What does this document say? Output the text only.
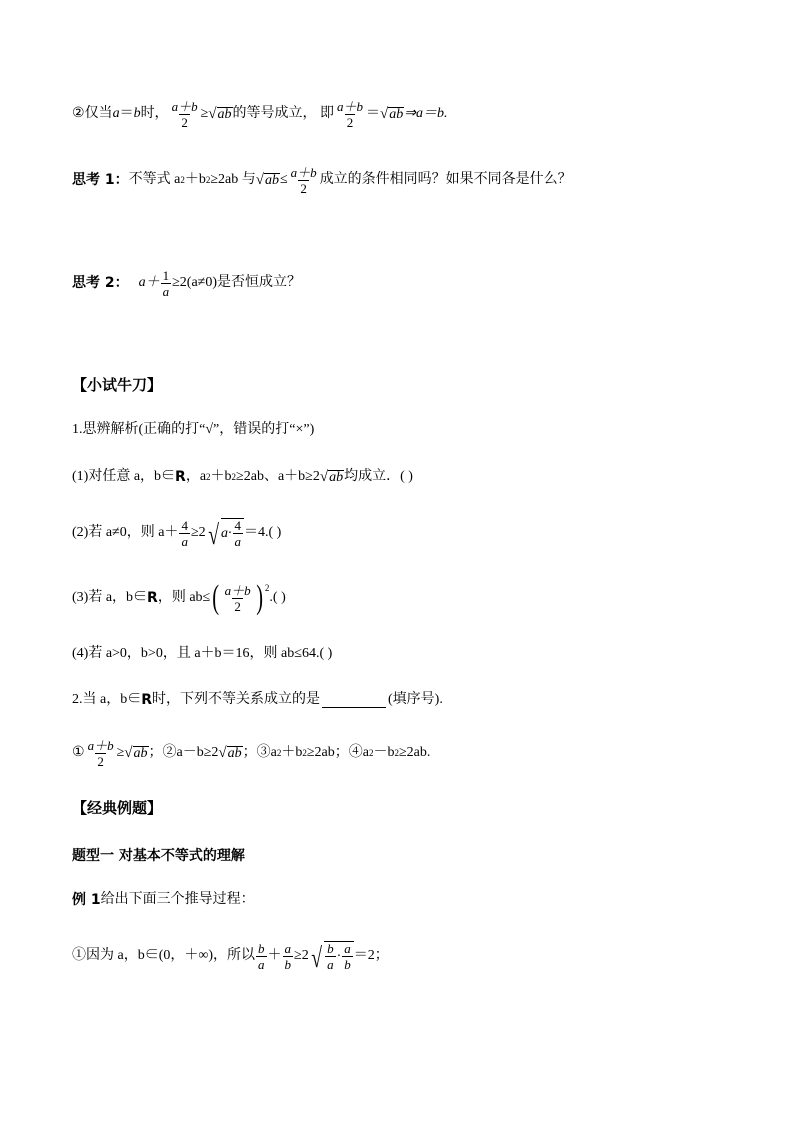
② 仅当 a ＝ b 时， $\frac{a+b}{2}$ ≥ √ ab 的等号成立， 即 $\frac{a+b}{2}$ ＝ √ ab ⇒a＝b.
思考 1： 不等式 a 2 ＋b 2 ≥2ab 与 √ ab ≤ $\frac{a+b}{2}$ 成立的条件相同吗？如果不同各是什么？
思考 2： $a+ \frac{1}{a} \ge 2(a\ne 0)$是否恒成立？
【小试牛刀】
1.思辨解析(正确的打“√”，错误的打“×”)
(1)对任意 a，b∈ R ，a 2 ＋b 2 ≥2ab、a＋b≥2 √ ab 均成立．( )
(2)若 a≠0，则 $a+ \frac{4}{a} \ge 2$ √ $a\cdot \frac{4}{a} =4$.( )
(3)若 a，b∈ R ，则 ab≤ ( $\frac{a+b}{2}$ ) $^2$
.( )
(4)若 a>0，b>0，且 a＋b＝16，则 ab≤64.( )
2.当 a，b∈ R 时，下列不等关系成立的是	(填序号).
① $\frac{a+b}{2}$ ≥ √ ab ；②a－b≥2 √ ab ；③a 2 ＋b 2 ≥2ab；④a 2 －b 2 ≥2ab.
【经典例题】
题型一 对基本不等式的理解
例 1 给出下面三个推导过程：
①因为 a，b∈(0，＋∞)，所以 $\frac{b}{a} + \frac{a}{b} \ge 2$ √ $\frac{b}{a} \cdot \frac{a}{b} =2$；
